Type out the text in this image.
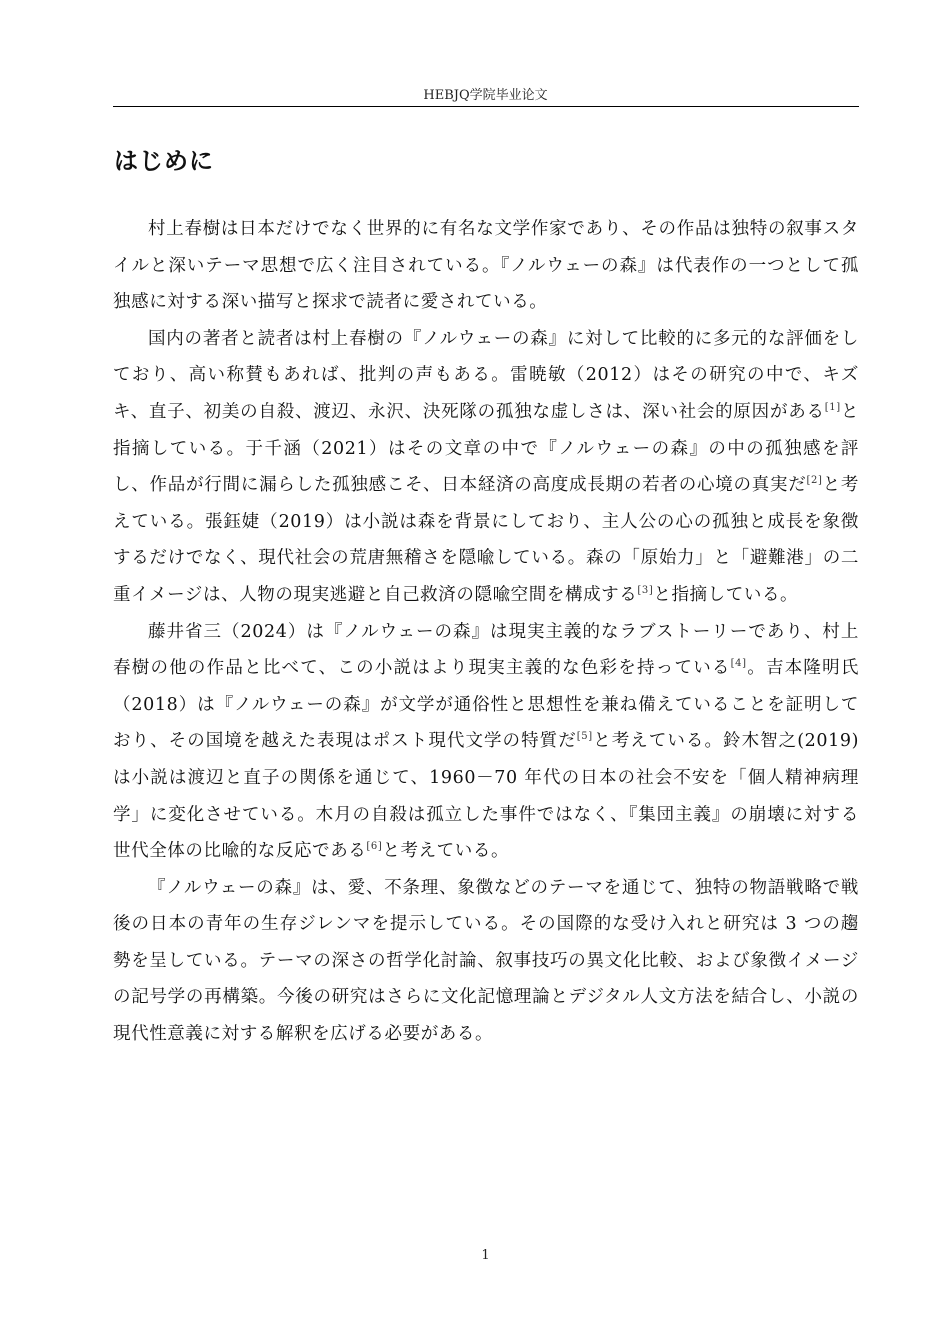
HEBJQ学院毕业论文
はじめに

村上春樹は日本だけでなく世界的に有名な文学作家であり、その作品は独特の叙事スタイルと深いテーマ思想で広く注目されている。『ノルウェーの森』は代表作の一つとして孤独感に対する深い描写と探求で読者に愛されている。

国内の著者と読者は村上春樹の『ノルウェーの森』に対して比較的に多元的な評価をしており、高い称賛もあれば、批判の声もある。雷暁敏（2012）はその研究の中で、キズキ、直子、初美の自殺、渡辺、永沢、決死隊の孤独な虚しさは、深い社会的原因がある[1]と指摘している。于千涵（2021）はその文章の中で『ノルウェーの森』の中の孤独感を評し、作品が行間に漏らした孤独感こそ、日本経済の高度成長期の若者の心境の真実だ[2]と考えている。張鈺婕（2019）は小説は森を背景にしており、主人公の心の孤独と成長を象徴するだけでなく、現代社会の荒唐無稽さを隠喩している。森の「原始力」と「避難港」の二重イメージは、人物の現実逃避と自己救済の隠喩空間を構成する[3]と指摘している。

藤井省三（2024）は『ノルウェーの森』は現実主義的なラブストーリーであり、村上春樹の他の作品と比べて、この小説はより現実主義的な色彩を持っている[4]。吉本隆明氏（2018）は『ノルウェーの森』が文学が通俗性と思想性を兼ね備えていることを証明しており、その国境を越えた表現はポスト現代文学の特質だ[5]と考えている。鈴木智之(2019)は小説は渡辺と直子の関係を通じて、1960－70 年代の日本の社会不安を「個人精神病理学」に変化させている。木月の自殺は孤立した事件ではなく、『集団主義』の崩壊に対する世代全体の比喩的な反応である[6]と考えている。

『ノルウェーの森』は、愛、不条理、象徴などのテーマを通じて、独特の物語戦略で戦後の日本の青年の生存ジレンマを提示している。その国際的な受け入れと研究は 3 つの趨勢を呈している。テーマの深さの哲学化討論、叙事技巧の異文化比較、および象徴イメージの記号学の再構築。今後の研究はさらに文化記憶理論とデジタル人文方法を結合し、小説の現代性意義に対する解釈を広げる必要がある。

1
